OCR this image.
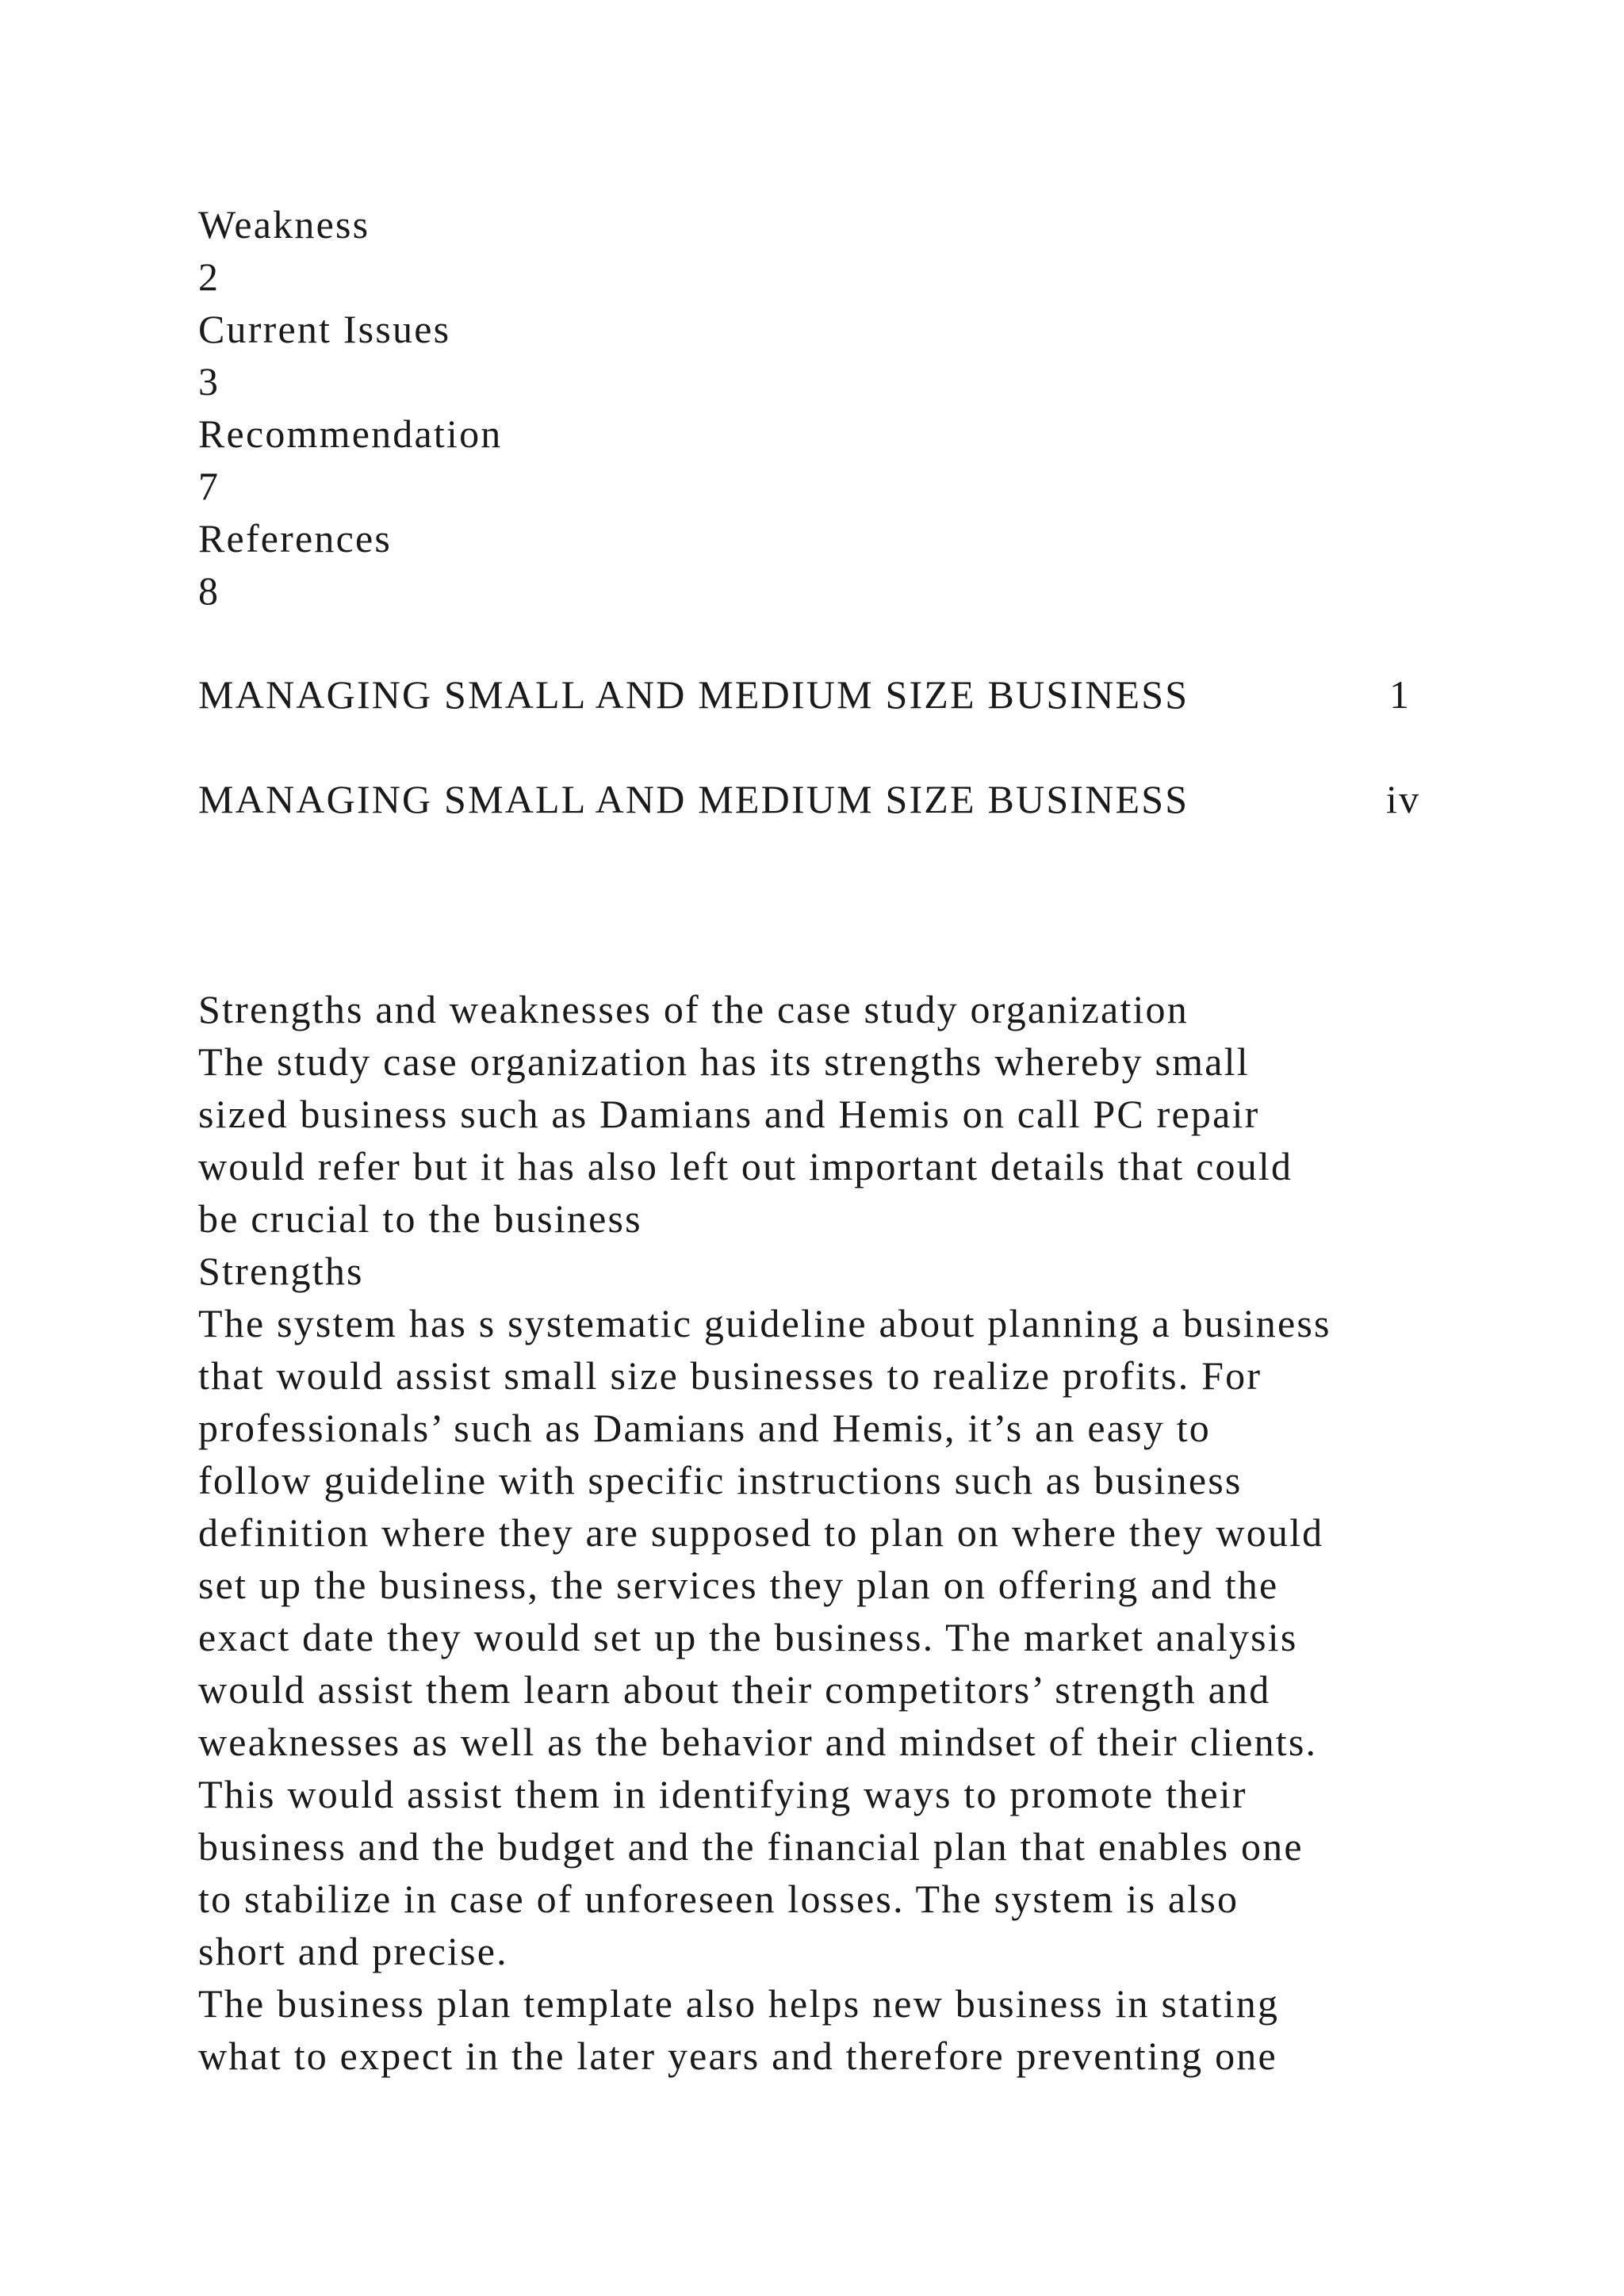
Weakness

2

Current Issues

3

Recommendation

7

References

8

MANAGING SMALL AND MEDIUM SIZE BUSINESS	1

MANAGING SMALL AND MEDIUM SIZE BUSINESS	iv

Strengths and weaknesses of the case study organization

The study case organization has its strengths whereby small

sized business such as Damians and Hemis on call PC repair

would refer but it has also left out important details that could

be crucial to the business

Strengths

The system has s systematic guideline about planning a business

that would assist small size businesses to realize profits. For

professionals’ such as Damians and Hemis, it’s an easy to

follow guideline with specific instructions such as business

definition where they are supposed to plan on where they would

set up the business, the services they plan on offering and the

exact date they would set up the business. The market analysis

would assist them learn about their competitors’ strength and

weaknesses as well as the behavior and mindset of their clients.

This would assist them in identifying ways to promote their

business and the budget and the financial plan that enables one

to stabilize in case of unforeseen losses. The system is also

short and precise.

The business plan template also helps new business in stating

what to expect in the later years and therefore preventing one
